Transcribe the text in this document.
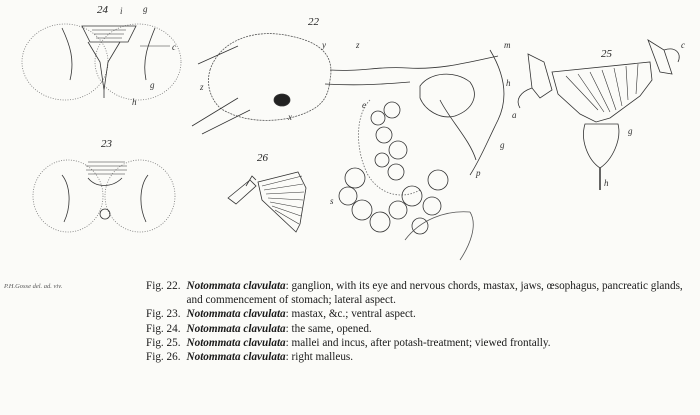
24 i g
c
g
h
23
22
y	z
z
x
m
h
a
e
g
p
s
26
25
c
g
h
P.H.Gosse del. ad. viv.	Fig. 22. Notommata clavulata: ganglion, with its eye and nervous chords, mastax, jaws, œsophagus, pancreatic glands, and commencement of stomach; lateral aspect.
Fig. 23. Notommata clavulata: mastax, &c.; ventral aspect.
Fig. 24. Notommata clavulata: the same, opened.
Fig. 25. Notommata clavulata: mallei and incus, after potash-treatment; viewed frontally.
Fig. 26. Notommata clavulata: right malleus.
